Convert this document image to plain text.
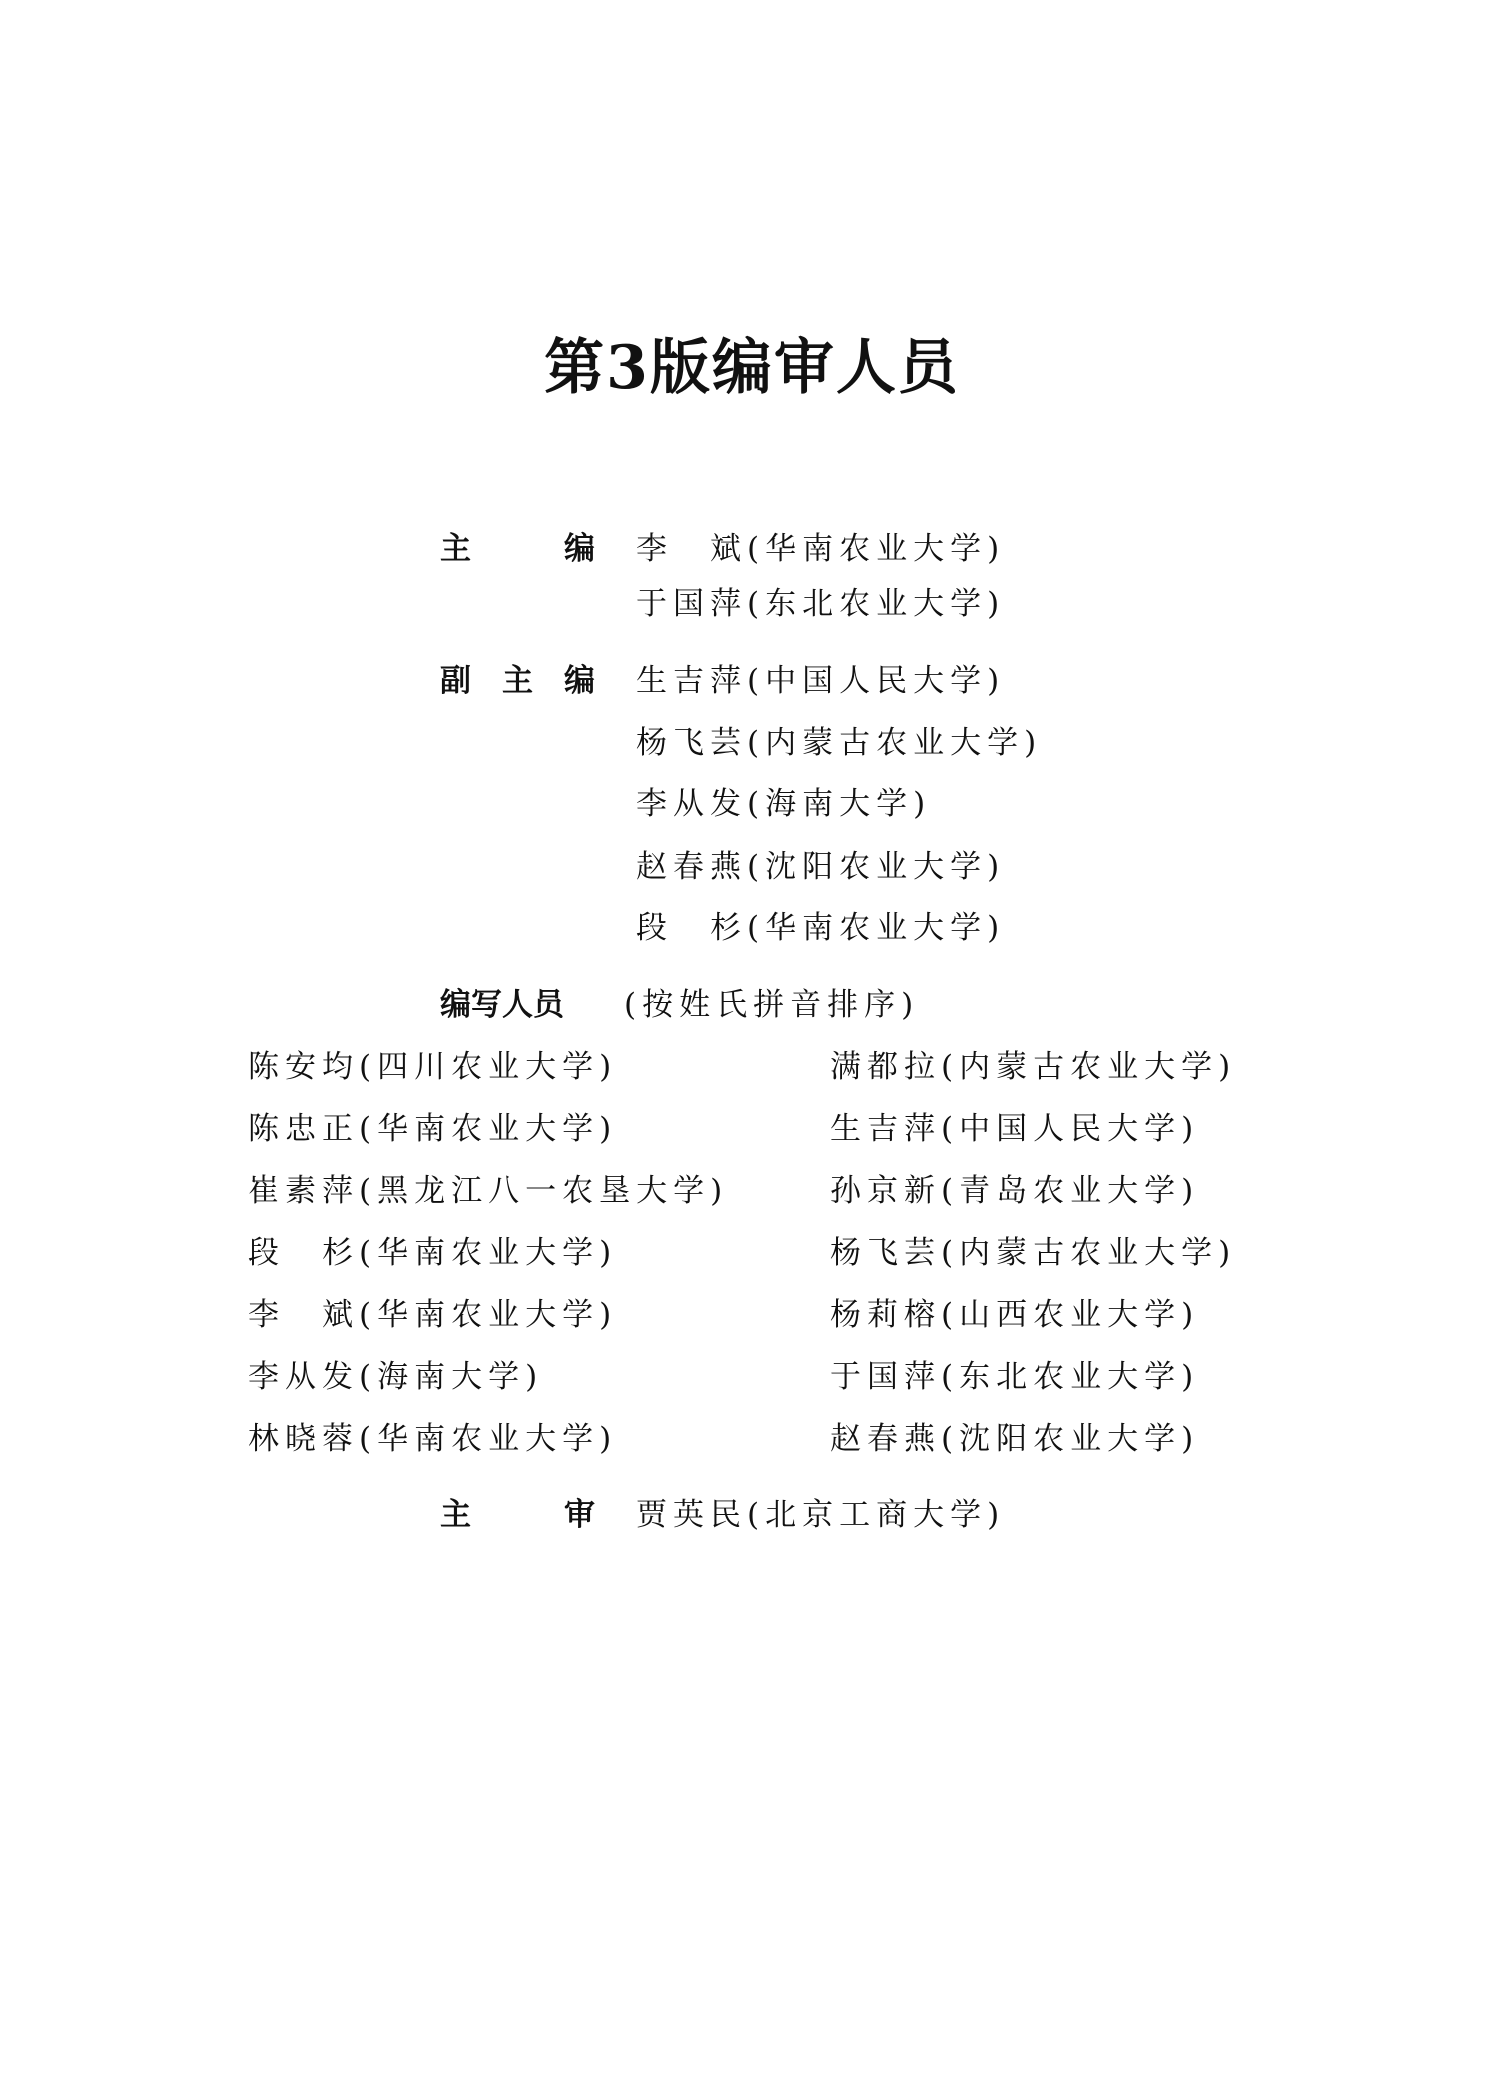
第3版编审人员
主 编 李　斌(华南农业大学)
于国萍(东北农业大学)
副主编 生吉萍(中国人民大学)
杨飞芸(内蒙古农业大学)
李从发(海南大学)
赵春燕(沈阳农业大学)
段　杉(华南农业大学)
编写人员 (按姓氏拼音排序)
陈安均(四川农业大学)
陈忠正(华南农业大学)
崔素萍(黑龙江八一农垦大学)
段　杉(华南农业大学)
李　斌(华南农业大学)
李从发(海南大学)
林晓蓉(华南农业大学)
满都拉(内蒙古农业大学)
生吉萍(中国人民大学)
孙京新(青岛农业大学)
杨飞芸(内蒙古农业大学)
杨莉榕(山西农业大学)
于国萍(东北农业大学)
赵春燕(沈阳农业大学)
主 审 贾英民(北京工商大学)
